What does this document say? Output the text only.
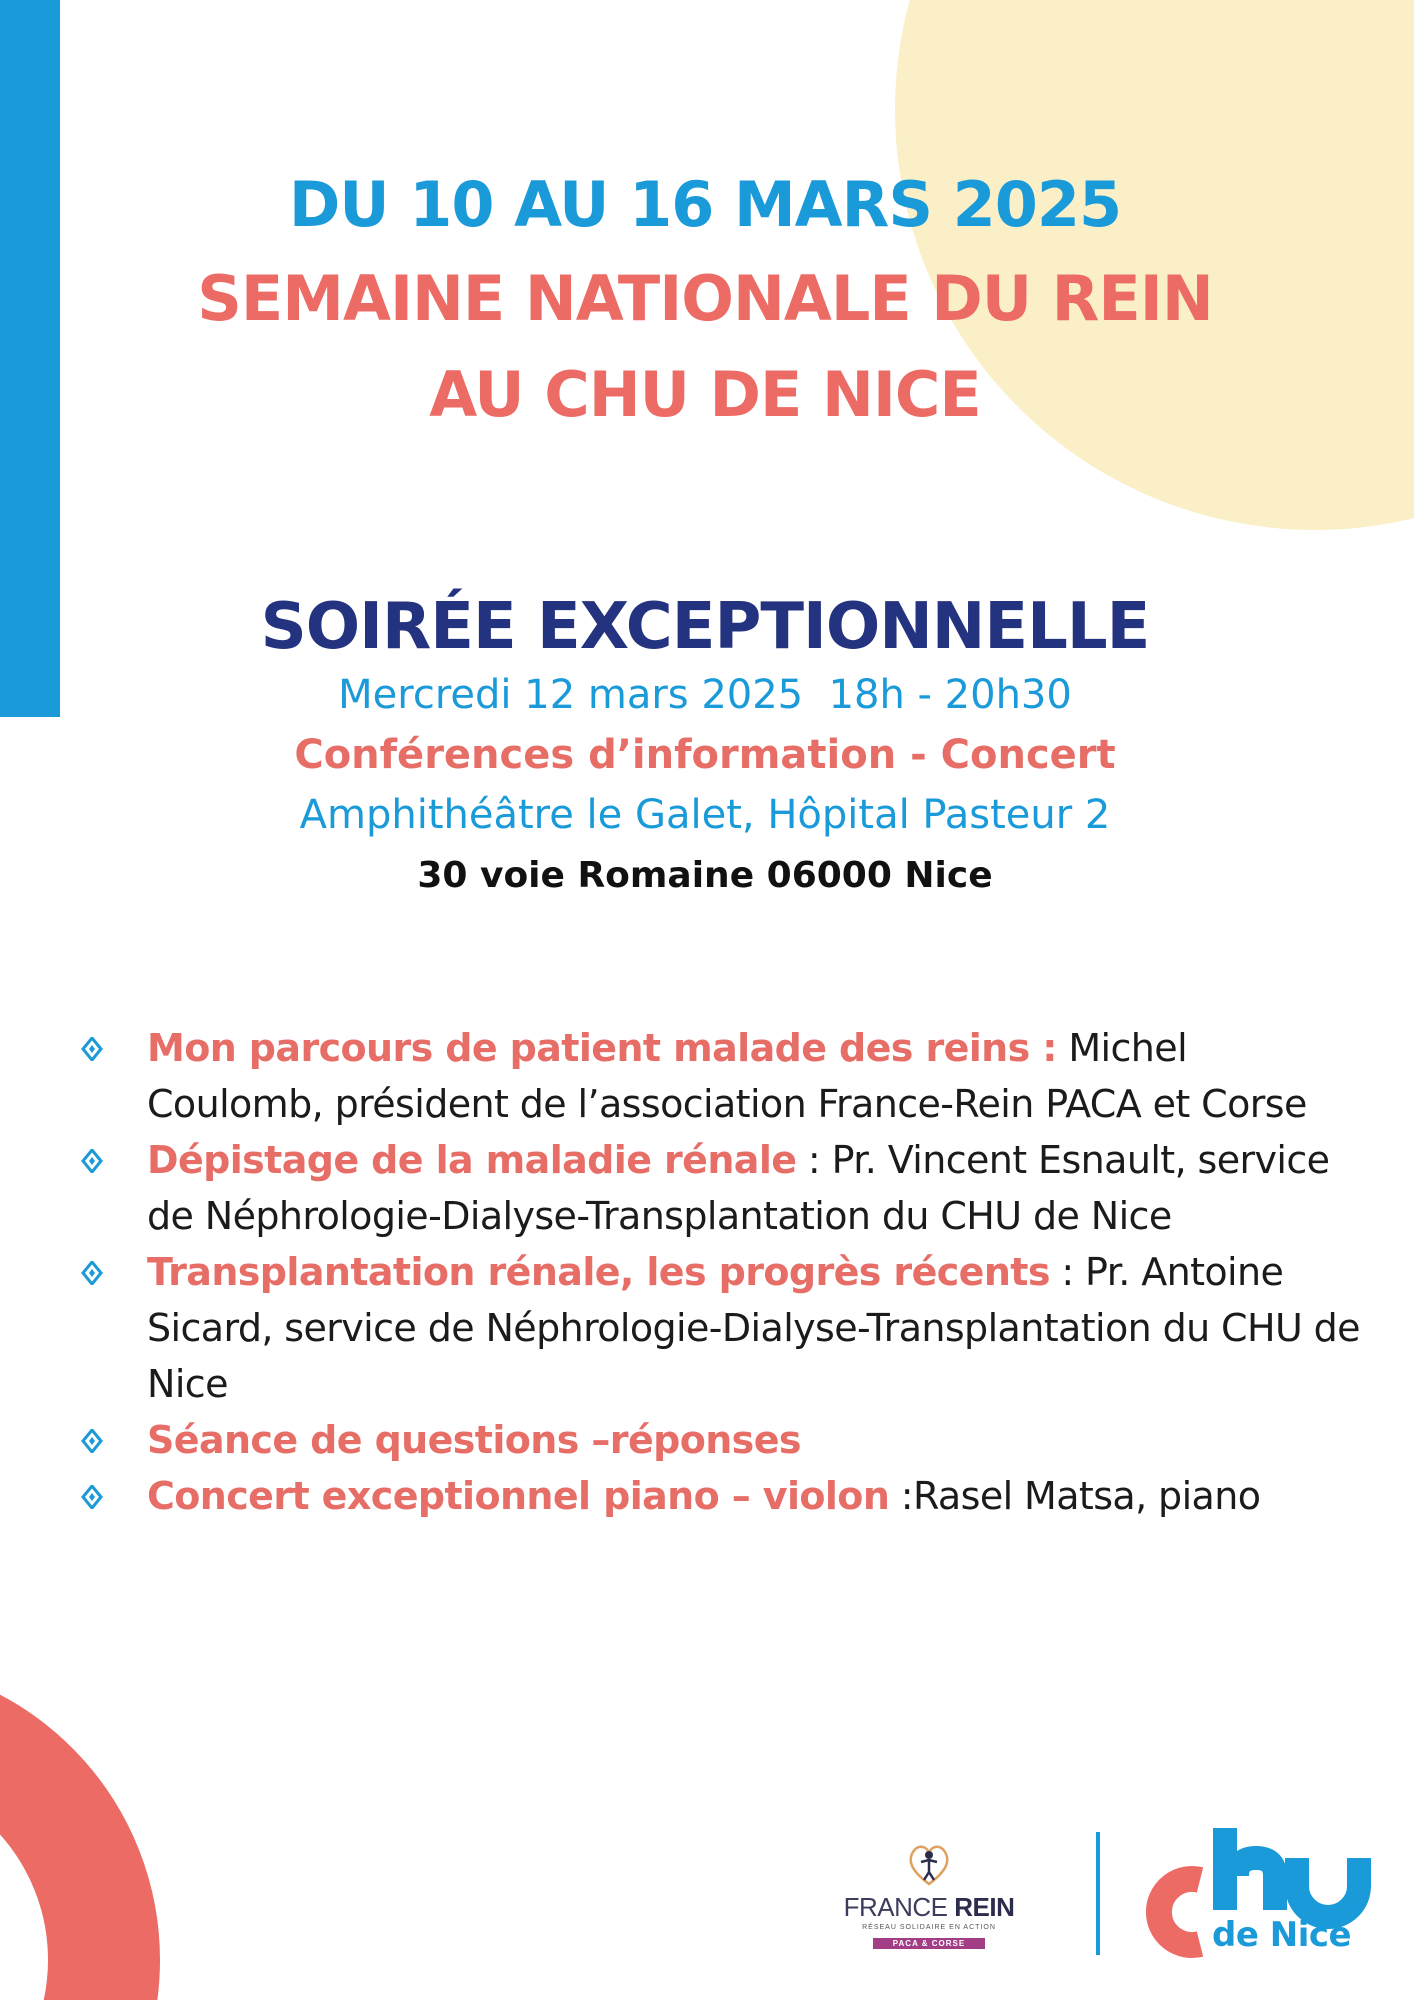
DU 10 AU 16 MARS 2025
SEMAINE NATIONALE DU REIN
AU CHU DE NICE
SOIRÉE EXCEPTIONNELLE
Mercredi 12 mars 2025  18h - 20h30
Conférences d’information - Concert
Amphithéâtre le Galet, Hôpital Pasteur 2
30 voie Romaine 06000 Nice
Mon parcours de patient malade des reins : Michel Coulomb, président de l’association France-Rein PACA et Corse
Dépistage de la maladie rénale : Pr. Vincent Esnault, service de Néphrologie-Dialyse-Transplantation du CHU de Nice
Transplantation rénale, les progrès récents : Pr. Antoine Sicard, service de Néphrologie-Dialyse-Transplantation du CHU de Nice
Séance de questions –réponses
Concert exceptionnel piano – violon :Rasel Matsa, piano
FRANCE REIN
RÉSEAU SOLIDAIRE EN ACTION
PACA & CORSE	de Nice
